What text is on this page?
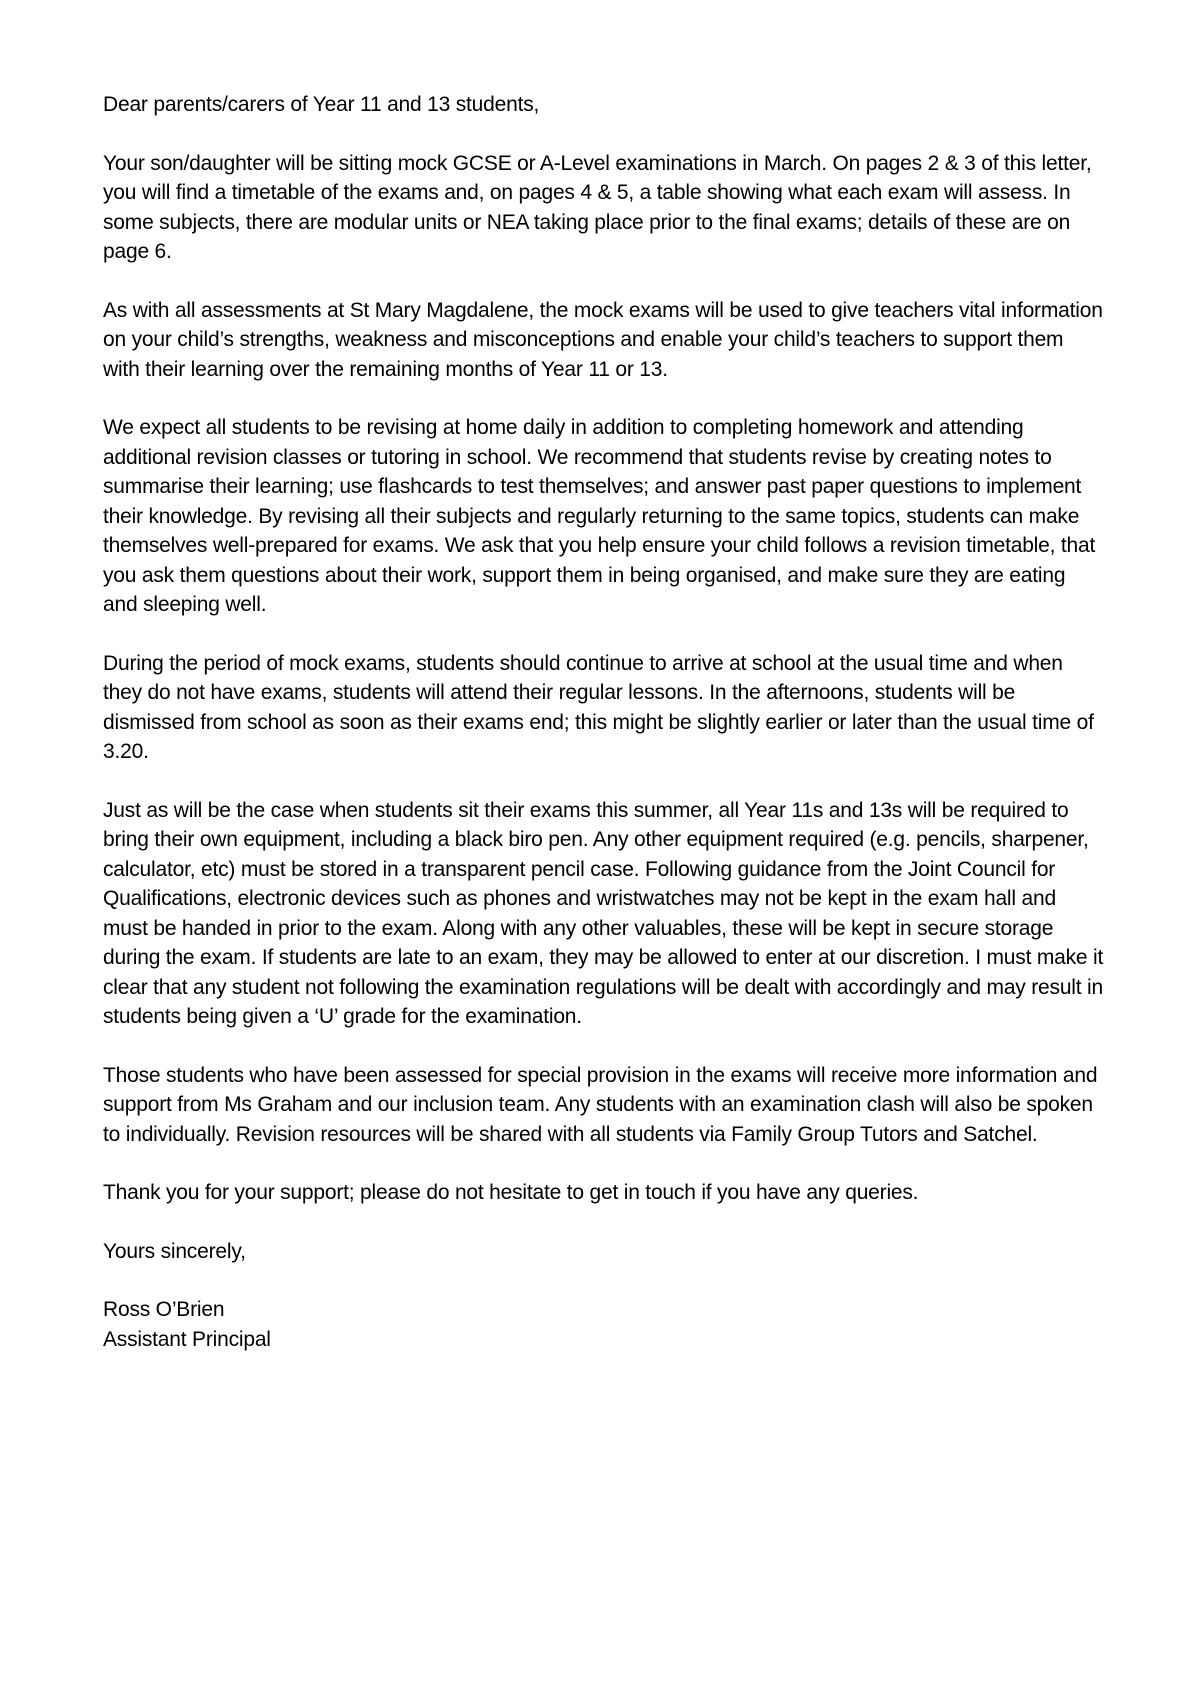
Dear parents/carers of Year 11 and 13 students,

Your son/daughter will be sitting mock GCSE or A-Level examinations in March. On pages 2 & 3 of this letter, you will find a timetable of the exams and, on pages 4 & 5, a table showing what each exam will assess. In some subjects, there are modular units or NEA taking place prior to the final exams; details of these are on page 6.

As with all assessments at St Mary Magdalene, the mock exams will be used to give teachers vital information on your child’s strengths, weakness and misconceptions and enable your child’s teachers to support them with their learning over the remaining months of Year 11 or 13.

We expect all students to be revising at home daily in addition to completing homework and attending additional revision classes or tutoring in school. We recommend that students revise by creating notes to summarise their learning; use flashcards to test themselves; and answer past paper questions to implement their knowledge. By revising all their subjects and regularly returning to the same topics, students can make themselves well-prepared for exams. We ask that you help ensure your child follows a revision timetable, that you ask them questions about their work, support them in being organised, and make sure they are eating and sleeping well.

During the period of mock exams, students should continue to arrive at school at the usual time and when they do not have exams, students will attend their regular lessons. In the afternoons, students will be dismissed from school as soon as their exams end; this might be slightly earlier or later than the usual time of 3.20.

Just as will be the case when students sit their exams this summer, all Year 11s and 13s will be required to bring their own equipment, including a black biro pen. Any other equipment required (e.g. pencils, sharpener, calculator, etc) must be stored in a transparent pencil case. Following guidance from the Joint Council for Qualifications, electronic devices such as phones and wristwatches may not be kept in the exam hall and must be handed in prior to the exam. Along with any other valuables, these will be kept in secure storage during the exam. If students are late to an exam, they may be allowed to enter at our discretion. I must make it clear that any student not following the examination regulations will be dealt with accordingly and may result in students being given a ‘U’ grade for the examination.

Those students who have been assessed for special provision in the exams will receive more information and support from Ms Graham and our inclusion team. Any students with an examination clash will also be spoken to individually. Revision resources will be shared with all students via Family Group Tutors and Satchel.

Thank you for your support; please do not hesitate to get in touch if you have any queries.

Yours sincerely,

Ross O’Brien
Assistant Principal
